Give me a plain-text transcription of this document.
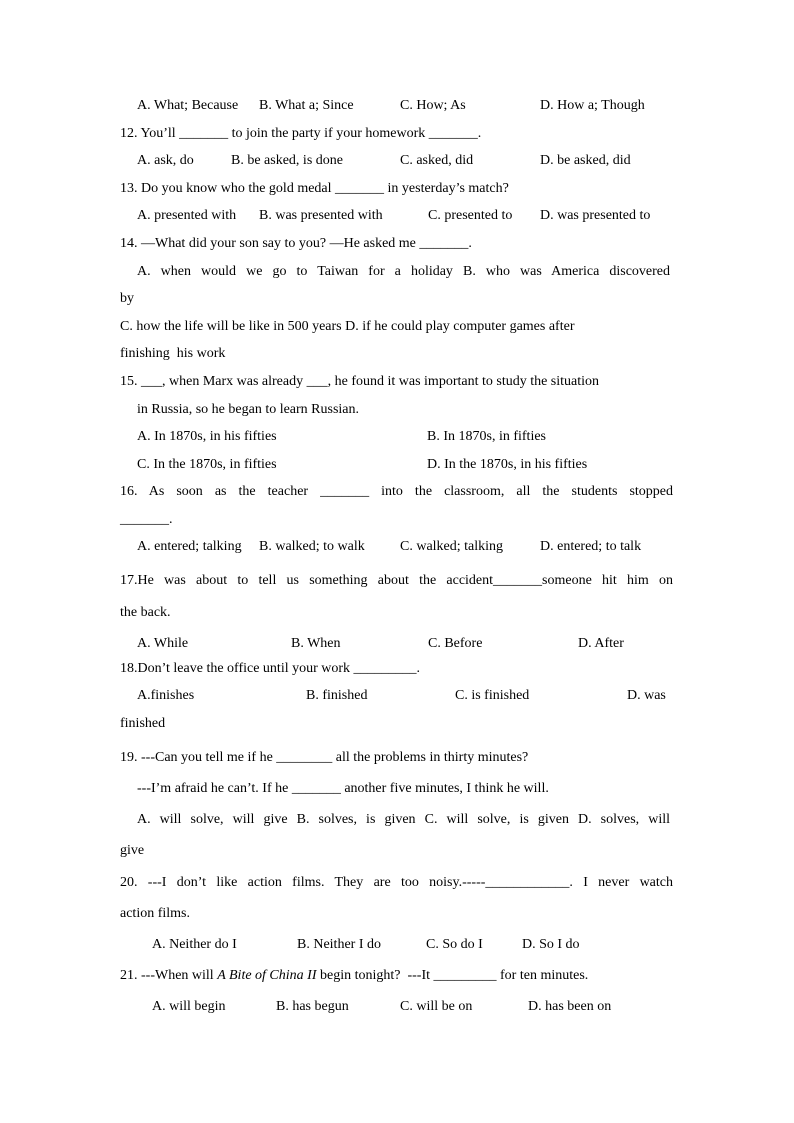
A. What; Because B. What a; Since	C. How; As	D. How a; Though
12. You’ll _______ to join the party if your homework _______.
A. ask, do	B. be asked, is done	C. asked, did	D. be asked, did
13. Do you know who the gold medal _______ in yesterday’s match?
A. presented with B. was presented with	C. presented to D. was presented to
14. —What did your son say to you? —He asked me _______.
A. when would we go to Taiwan for a holiday B. who was America discovered
by
C. how the life will be like in 500 years D. if he could play computer games after
finishing  his work
15. ___, when Marx was already ___, he found it was important to study the situation
in Russia, so he began to learn Russian.
A. In 1870s, in his fifties	B. In 1870s, in fifties
C. In the 1870s, in fifties	D. In the 1870s, in his fifties
16. As soon as the teacher _______ into the classroom, all the students stopped
_______.
A. entered; talking B. walked; to walk	C. walked; talking	D. entered; to talk
17.He was about to tell us something about the accident_______someone hit him on
the back.
A. While	B. When	C. Before	D. After
18.Don’t leave the office until your work _________.
A.finishes	B. finished	C. is finished	D. was
finished
19. ---Can you tell me if he ________ all the problems in thirty minutes?
---I’m afraid he can’t. If he _______ another five minutes, I think he will.
A. will solve, will give B. solves, is given C. will solve, is given D. solves, will
give
20. ---I don’t like action films. They are too noisy.-----____________. I never watch
action films.
A. Neither do I	B. Neither I do	C. So do I	D. So I do
21. ---When will A Bite of China II begin tonight?  ---It _________ for ten minutes.
A. will begin	B. has begun	C. will be on	D. has been on
